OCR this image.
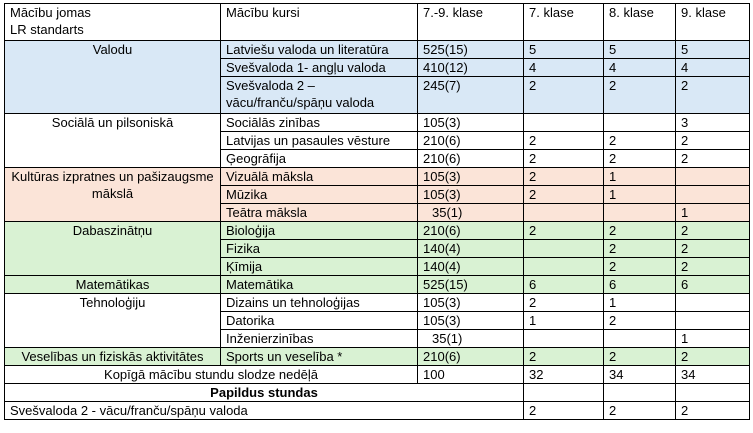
Mācību jomas
LR standarts	Mācību kursi	7.-9. klase	7. klase	8. klase	9. klase
Valodu	Latviešu valoda un literatūra	525(15)	5	5	5
	Svešvaloda 1- angļu valoda	410(12)	4	4	4
	Svešvaloda 2 – vācu/franču/spāņu valoda	245(7)	2	2	2
Sociālā un pilsoniskā	Sociālās zinības	105(3)			3
	Latvijas un pasaules vēsture	210(6)	2	2	2
	Ģeogrāfija	210(6)	2	2	2
Kultūras izpratnes un pašizaugsme mākslā	Vizuālā māksla	105(3)	2	1	
	Mūzika	105(3)	2	1	
	Teātra māksla	35(1)			1
Dabaszinātņu	Bioloģija	210(6)	2	2	2
	Fizika	140(4)		2	2
	Ķīmija	140(4)		2	2
Matemātikas	Matemātika	525(15)	6	6	6
Tehnoloģiju	Dizains un tehnoloģijas	105(3)	2	1	
	Datorika	105(3)	1	2	
	Inženierzinības	35(1)			1
Veselības un fiziskās aktivitātes	Sports un veselība *	210(6)	2	2	2
Kopīgā mācību stundu slodze nedēļā		100	32	34	34
Papildus stundas					
Svešvaloda 2 - vācu/franču/spāņu valoda			2	2	2
